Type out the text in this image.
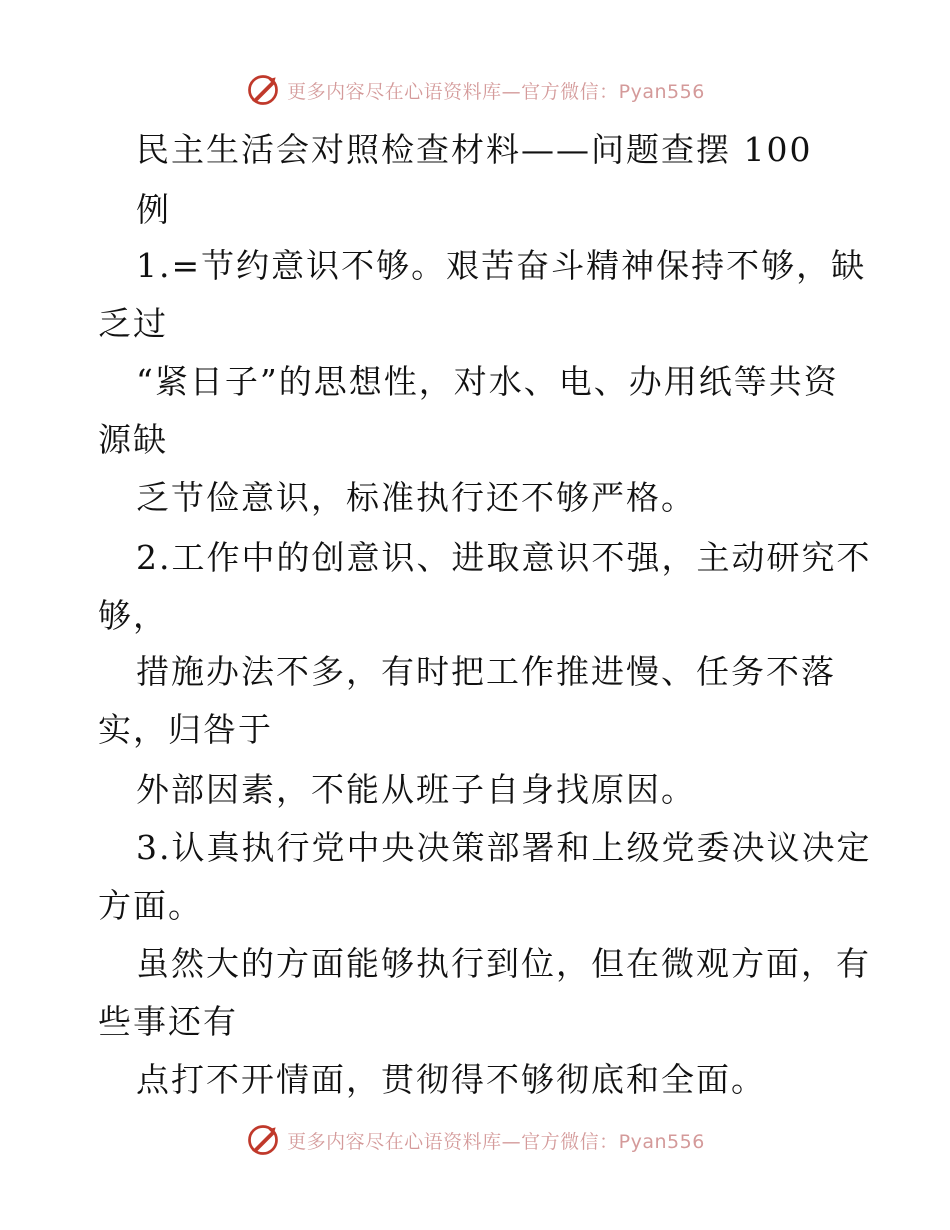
更多内容尽在心语资料库—官方微信：Pyan556
民主生活会对照检查材料——问题查摆 100
例
1.=节约意识不够。艰苦奋斗精神保持不够，缺
乏过
“紧日子”的思想性，对水、电、办用纸等共资
源缺
乏节俭意识，标准执行还不够严格。
2.工作中的创意识、进取意识不强，主动研究不
够，
措施办法不多，有时把工作推进慢、任务不落
实，归咎于
外部因素，不能从班子自身找原因。
3.认真执行党中央决策部署和上级党委决议决定
方面。
虽然大的方面能够执行到位，但在微观方面，有
些事还有
点打不开情面，贯彻得不够彻底和全面。
更多内容尽在心语资料库—官方微信：Pyan556
